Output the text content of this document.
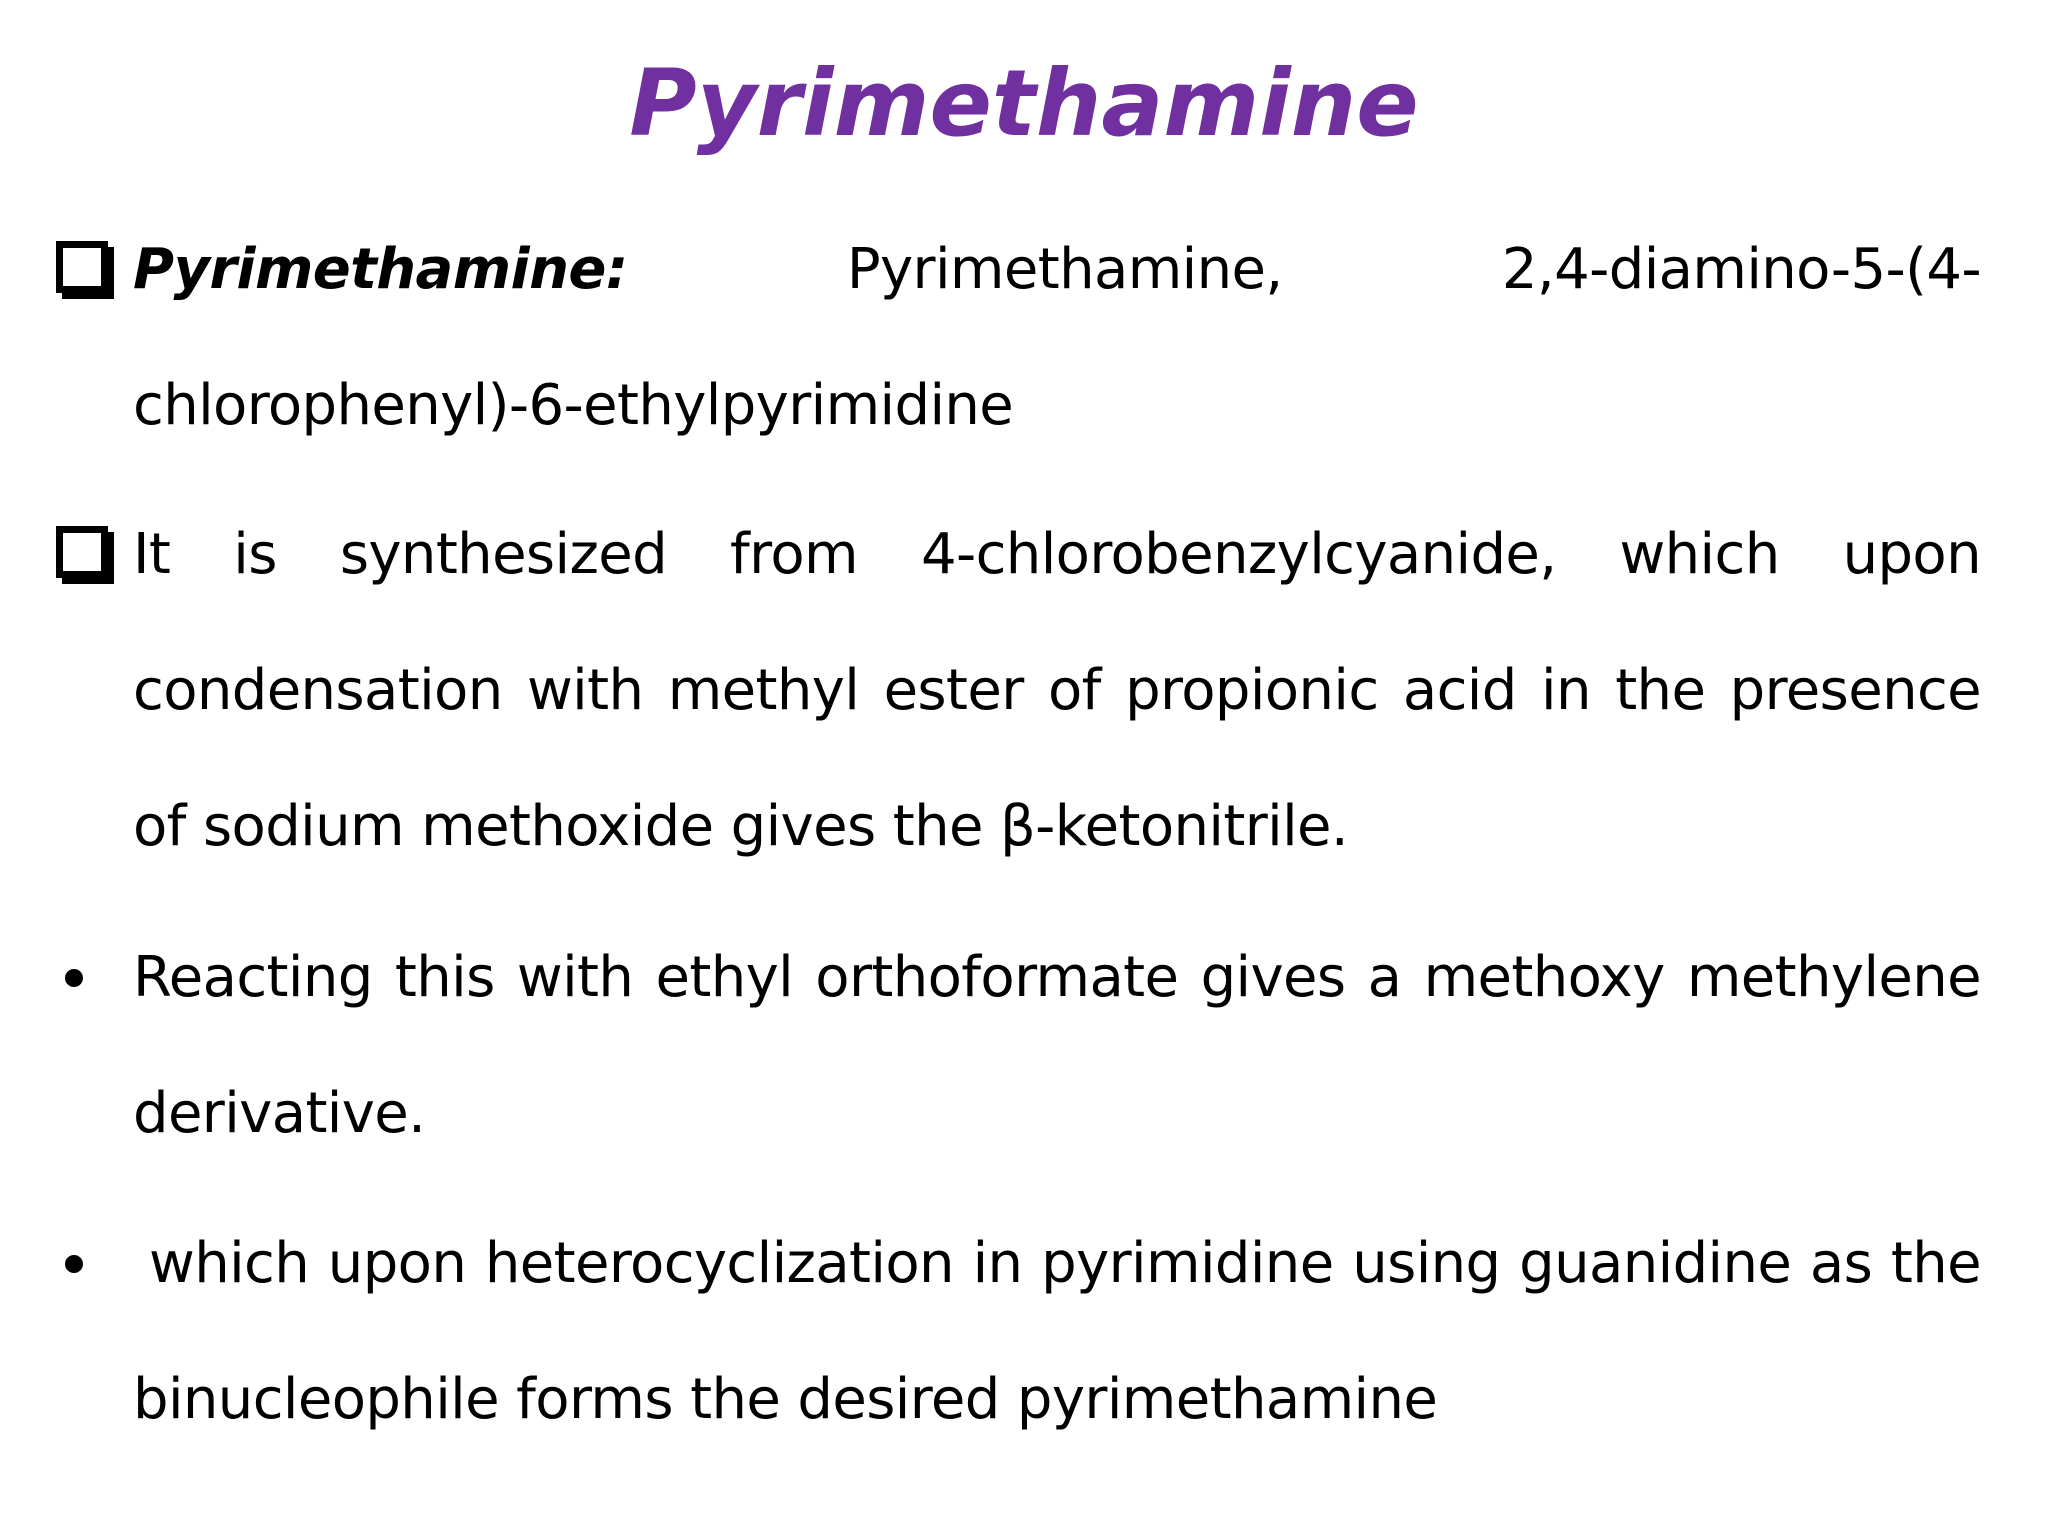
Pyrimethamine
Pyrimethamine:	Pyrimethamine, 2,4-diamino-5-(4-chlorophenyl)-6-ethylpyrimidine
It is synthesized from 4-chlorobenzylcyanide, which upon condensation with methyl ester of propionic acid in the presence of sodium methoxide gives the β-ketonitrile.
Reacting this with ethyl orthoformate gives a methoxy methylene derivative.
which upon heterocyclization in pyrimidine using guanidine as the binucleophile forms the desired pyrimethamine
